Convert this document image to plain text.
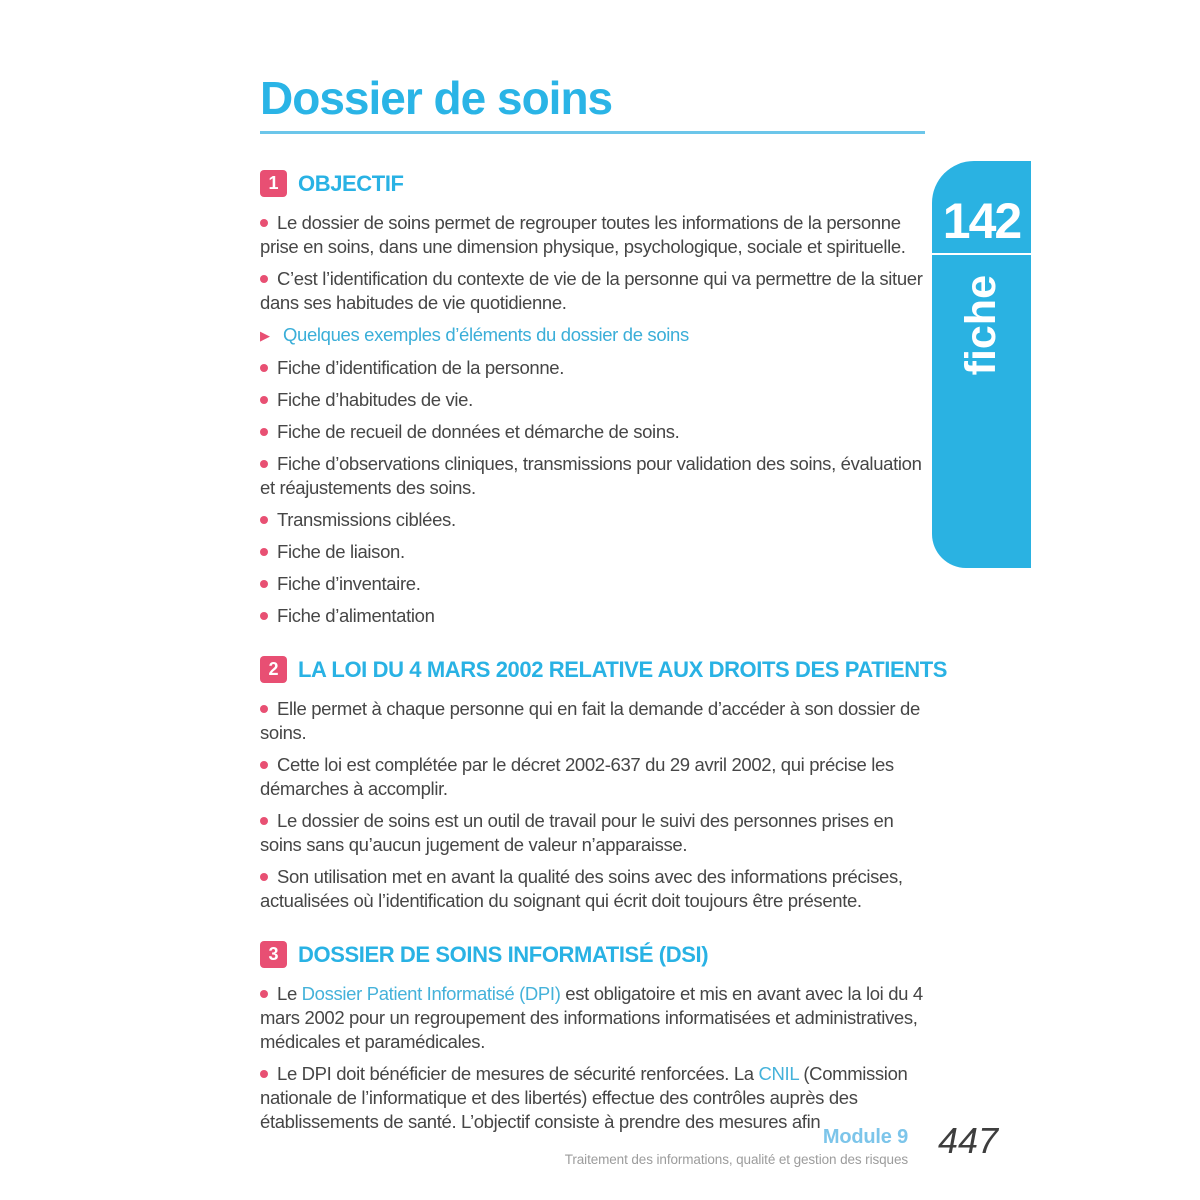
142
fiche
Dossier de soins
1 OBJECTIF

Le dossier de soins permet de regrouper toutes les informations de la personne prise en soins, dans une dimension physique, psychologique, sociale et spirituelle.

C’est l’identification du contexte de vie de la personne qui va permettre de la situer dans ses habitudes de vie quotidienne.

▶ Quelques exemples d’éléments du dossier de soins

Fiche d’identification de la personne.

Fiche d’habitudes de vie.

Fiche de recueil de données et démarche de soins.

Fiche d’observations cliniques, transmissions pour validation des soins, évaluation et réajustements des soins.

Transmissions ciblées.

Fiche de liaison.

Fiche d’inventaire.

Fiche d’alimentation

2 LA LOI DU 4 MARS 2002 RELATIVE AUX DROITS DES PATIENTS

Elle permet à chaque personne qui en fait la demande d’accéder à son dossier de soins.

Cette loi est complétée par le décret 2002-637 du 29 avril 2002, qui précise les démarches à accomplir.

Le dossier de soins est un outil de travail pour le suivi des personnes prises en soins sans qu’aucun jugement de valeur n’apparaisse.

Son utilisation met en avant la qualité des soins avec des informations précises, actualisées où l’identification du soignant qui écrit doit toujours être présente.

3 DOSSIER DE SOINS INFORMATISÉ (DSI)

Le Dossier Patient Informatisé (DPI) est obligatoire et mis en avant avec la loi du 4 mars 2002 pour un regroupement des informations informatisées et administratives, médicales et paramédicales.

Le DPI doit bénéficier de mesures de sécurité renforcées. La CNIL (Commission nationale de l’informatique et des libertés) effectue des contrôles auprès des établissements de santé. L’objectif consiste à prendre des mesures afin

Module 9
Traitement des informations, qualité et gestion des risques 447
